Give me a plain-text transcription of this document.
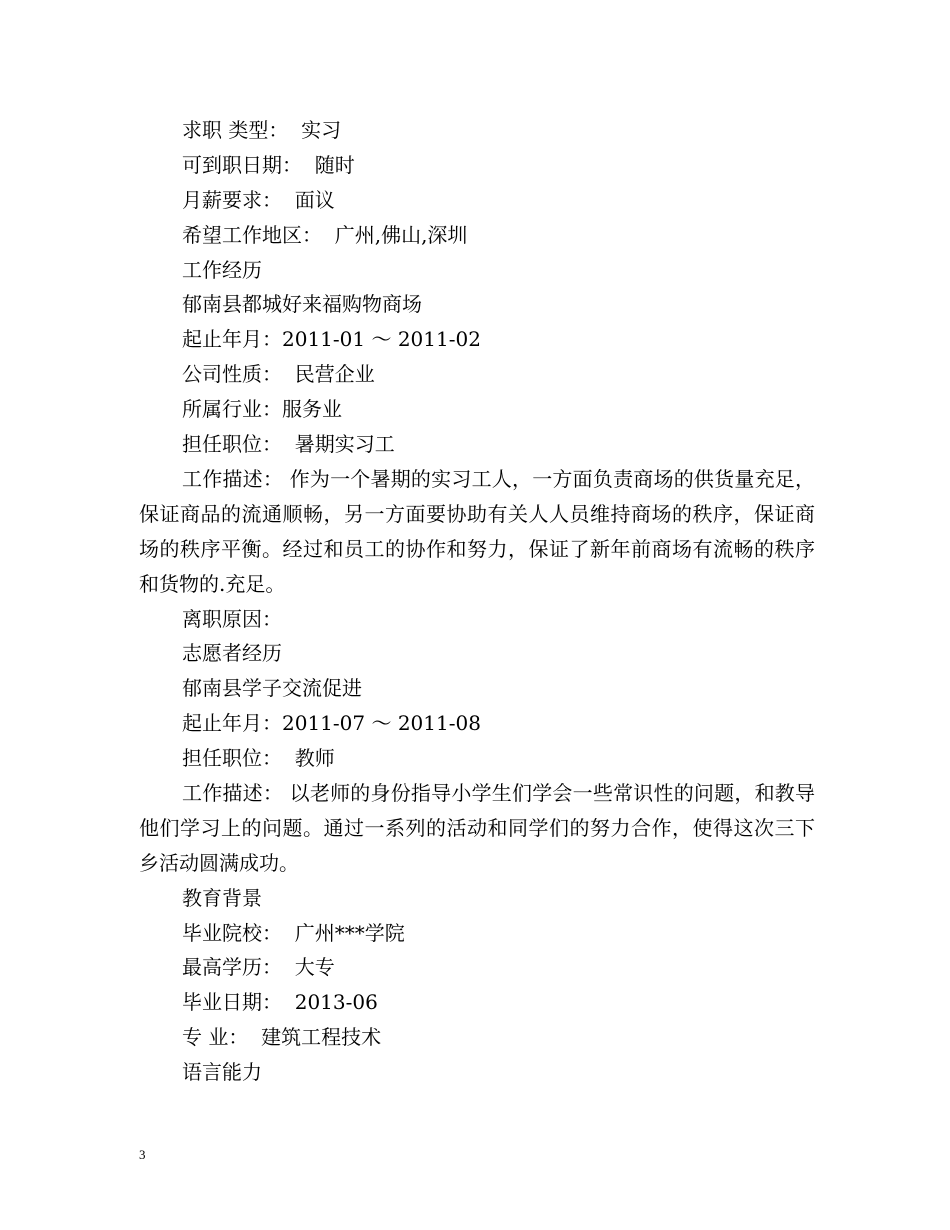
求职 类型：  实习
可到职日期：  随时
月薪要求：  面议
希望工作地区：  广州,佛山,深圳
工作经历
郁南县都城好来福购物商场
起止年月：2011-01 ～ 2011-02
公司性质：  民营企业
所属行业：服务业
担任职位：  暑期实习工
工作描述： 作为一个暑期的实习工人，一方面负责商场的供货量充足，保证商品的流通顺畅，另一方面要协助有关人人员维持商场的秩序，保证商场的秩序平衡。经过和员工的协作和努力，保证了新年前商场有流畅的秩序和货物的.充足。
离职原因：
志愿者经历
郁南县学子交流促进
起止年月：2011-07 ～ 2011-08
担任职位：  教师
工作描述： 以老师的身份指导小学生们学会一些常识性的问题，和教导他们学习上的问题。通过一系列的活动和同学们的努力合作，使得这次三下乡活动圆满成功。
教育背景
毕业院校：  广州***学院
最高学历：  大专
毕业日期：  2013-06
专 业：  建筑工程技术
语言能力
3
